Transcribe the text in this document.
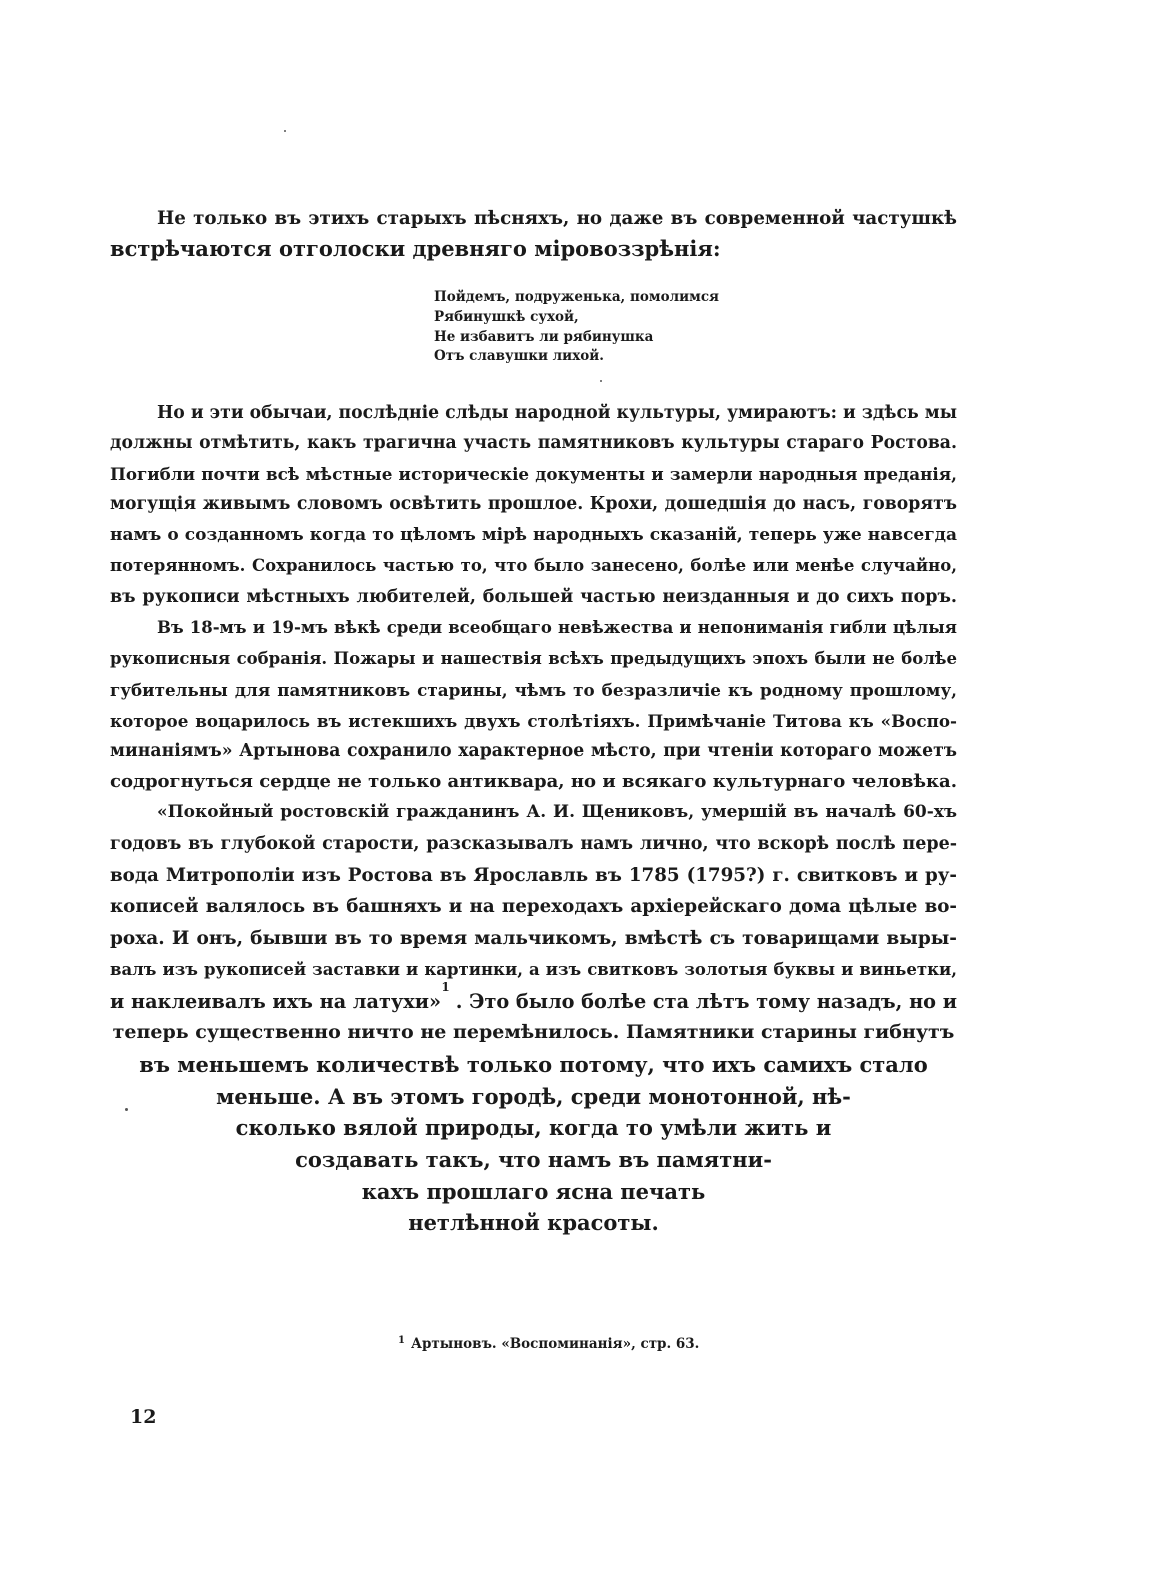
Не только въ этихъ старыхъ пѣсняхъ, но даже въ современной частушкѣ
встрѣчаются отголоски древняго міровоззрѣнія:
Пойдемъ, подруженька, помолимся
Рябинушкѣ сухой,
Не избавитъ ли рябинушка
Отъ славушки лихой.
Но и эти обычаи, послѣдніе слѣды народной культуры, умираютъ: и здѣсь мы
должны отмѣтить, какъ трагична участь памятниковъ культуры стараго Ростова.
Погибли почти всѣ мѣстные историческіе документы и замерли народныя преданія,
могущія живымъ словомъ освѣтить прошлое. Крохи, дошедшія до насъ, говорятъ
намъ о созданномъ когда то цѣломъ мірѣ народныхъ сказаній, теперь уже навсегда
потерянномъ. Сохранилось частью то, что было занесено, болѣе или менѣе случайно,
въ рукописи мѣстныхъ любителей, большей частью неизданныя и до сихъ поръ.
Въ 18-мъ и 19-мъ вѣкѣ среди всеобщаго невѣжества и непониманія гибли цѣлыя
рукописныя собранія. Пожары и нашествія всѣхъ предыдущихъ эпохъ были не болѣе
губительны для памятниковъ старины, чѣмъ то безразличіе къ родному прошлому,
которое воцарилось въ истекшихъ двухъ столѣтіяхъ. Примѣчаніе Титова къ «Воспо-
минаніямъ» Артынова сохранило характерное мѣсто, при чтеніи котораго можетъ
содрогнуться сердце не только антиквара, но и всякаго культурнаго человѣка.
«Покойный ростовскій гражданинъ А. И. Щениковъ, умершій въ началѣ 60-хъ
годовъ въ глубокой старости, разсказывалъ намъ лично, что вскорѣ послѣ пере-
вода Митрополіи изъ Ростова въ Ярославль въ 1785 (1795?) г. свитковъ и ру-
кописей валялось въ башняхъ и на переходахъ архіерейскаго дома цѣлые во-
роха. И онъ, бывши въ то время мальчикомъ, вмѣстѣ съ товарищами выры-
валъ изъ рукописей заставки и картинки, а изъ свитковъ золотыя буквы и виньетки,
и наклеивалъ ихъ на латухи»
1
. Это было болѣе ста лѣтъ тому назадъ, но и
теперь существенно ничто не перемѣнилось. Памятники старины гибнутъ
въ меньшемъ количествѣ только потому, что ихъ самихъ стало
меньше. А въ этомъ городѣ, среди монотонной, нѣ-
сколько вялой природы, когда то умѣли жить и
создавать такъ, что намъ въ памятни-
кахъ прошлаго ясна печать
нетлѣнной красоты.
$^1$ Артыновъ. «Воспоминанія», стр. 63.
12
